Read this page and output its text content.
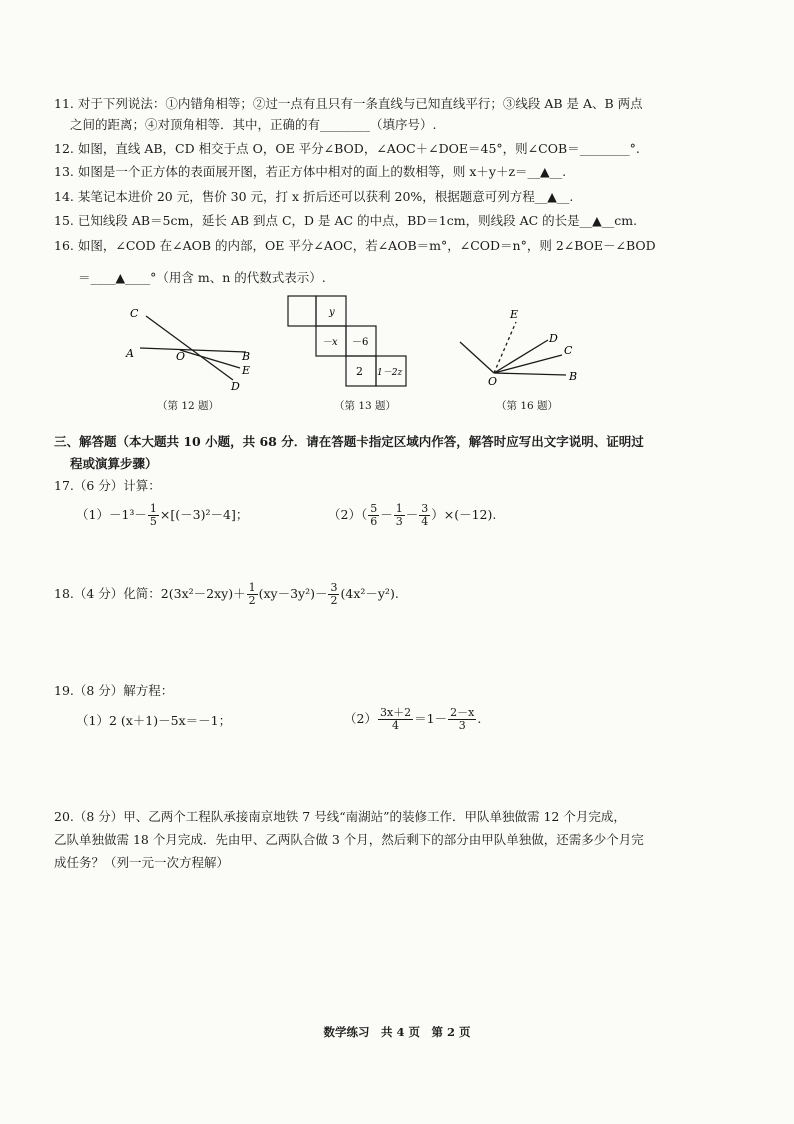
11. 对于下列说法：①内错角相等；②过一点有且只有一条直线与已知直线平行；③线段 AB 是 A、B 两点
之间的距离；④对顶角相等．其中，正确的有________（填序号）.
12. 如图，直线 AB，CD 相交于点 O，OE 平分∠BOD，∠AOC＋∠DOE＝45°，则∠COB＝________°.
13. 如图是一个正方体的表面展开图，若正方体中相对的面上的数相等，则 x＋y＋z＝__▲__.
14. 某笔记本进价 20 元，售价 30 元，打 x 折后还可以获利 20%，根据题意可列方程__▲__.
15. 已知线段 AB＝5cm，延长 AB 到点 C，D 是 AC 的中点，BD＝1cm，则线段 AC 的长是__▲__cm.
16. 如图，∠COD 在∠AOB 的内部，OE 平分∠AOC，若∠AOB＝m°，∠COD＝n°，则 2∠BOE－∠BOD
＝____▲____°（用含 m、n 的代数式表示）.
C
A	O	B
E
D
（第 12 题）
y
－x －6
2 1－2z
（第 13 题）
E
D
C
O	B
（第 16 题）
三、解答题（本大题共 10 小题，共 68 分．请在答题卡指定区域内作答，解答时应写出文字说明、证明过
程或演算步骤）
17.（6 分）计算：
$(1)-1^3- \frac{1}{5} \times[(-3)^2-4]$；	$(2)( \frac{5}{6} - \frac{1}{3} - \frac{3}{4} )\times(-12)$.
18.（4 分）化简：$2(3x^2-2xy)+ \frac{1}{2} (xy-3y^2)- \frac{3}{2} (4x^2-y^2)$.
19.（8 分）解方程：
（1）2 (x＋1)－5x＝－1；	$(2) \frac{3x+2}{4} =1- \frac{2-x}{3}$ .
20.（8 分）甲、乙两个工程队承接南京地铁 7 号线“南湖站”的装修工作．甲队单独做需 12 个月完成，
乙队单独做需 18 个月完成．先由甲、乙两队合做 3 个月，然后剩下的部分由甲队单独做，还需多少个月完
成任务？（列一元一次方程解）
数学练习　共 4 页　第 2 页
